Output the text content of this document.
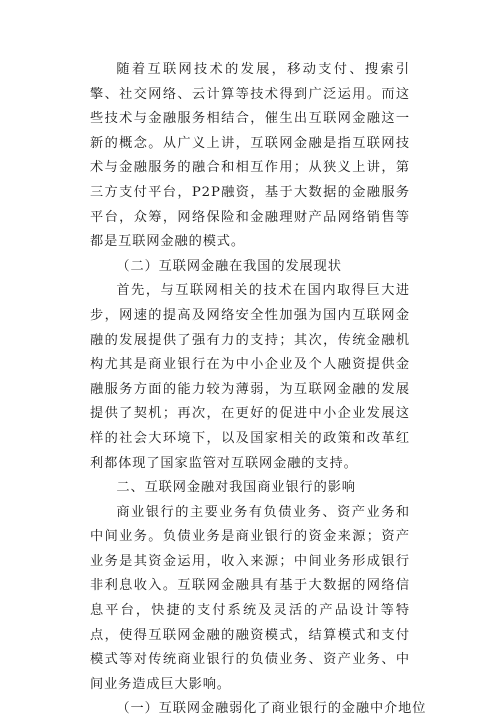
随着互联网技术的发展，移动支付、搜索引擎、社交网络、云计算等技术得到广泛运用。而这些技术与金融服务相结合，催生出互联网金融这一新的概念。从广义上讲，互联网金融是指互联网技术与金融服务的融合和相互作用；从狭义上讲，第三方支付平台，P2P融资，基于大数据的金融服务平台，众筹，网络保险和金融理财产品网络销售等都是互联网金融的模式。

（二）互联网金融在我国的发展现状

首先，与互联网相关的技术在国内取得巨大进步，网速的提高及网络安全性加强为国内互联网金融的发展提供了强有力的支持；其次，传统金融机构尤其是商业银行在为中小企业及个人融资提供金融服务方面的能力较为薄弱，为互联网金融的发展提供了契机；再次，在更好的促进中小企业发展这样的社会大环境下，以及国家相关的政策和改革红利都体现了国家监管对互联网金融的支持。

二、互联网金融对我国商业银行的影响

商业银行的主要业务有负债业务、资产业务和中间业务。负债业务是商业银行的资金来源；资产业务是其资金运用，收入来源；中间业务形成银行非利息收入。互联网金融具有基于大数据的网络信息平台，快捷的支付系统及灵活的产品设计等特点，使得互联网金融的融资模式，结算模式和支付模式等对传统商业银行的负债业务、资产业务、中间业务造成巨大影响。

（一）互联网金融弱化了商业银行的金融中介地位
